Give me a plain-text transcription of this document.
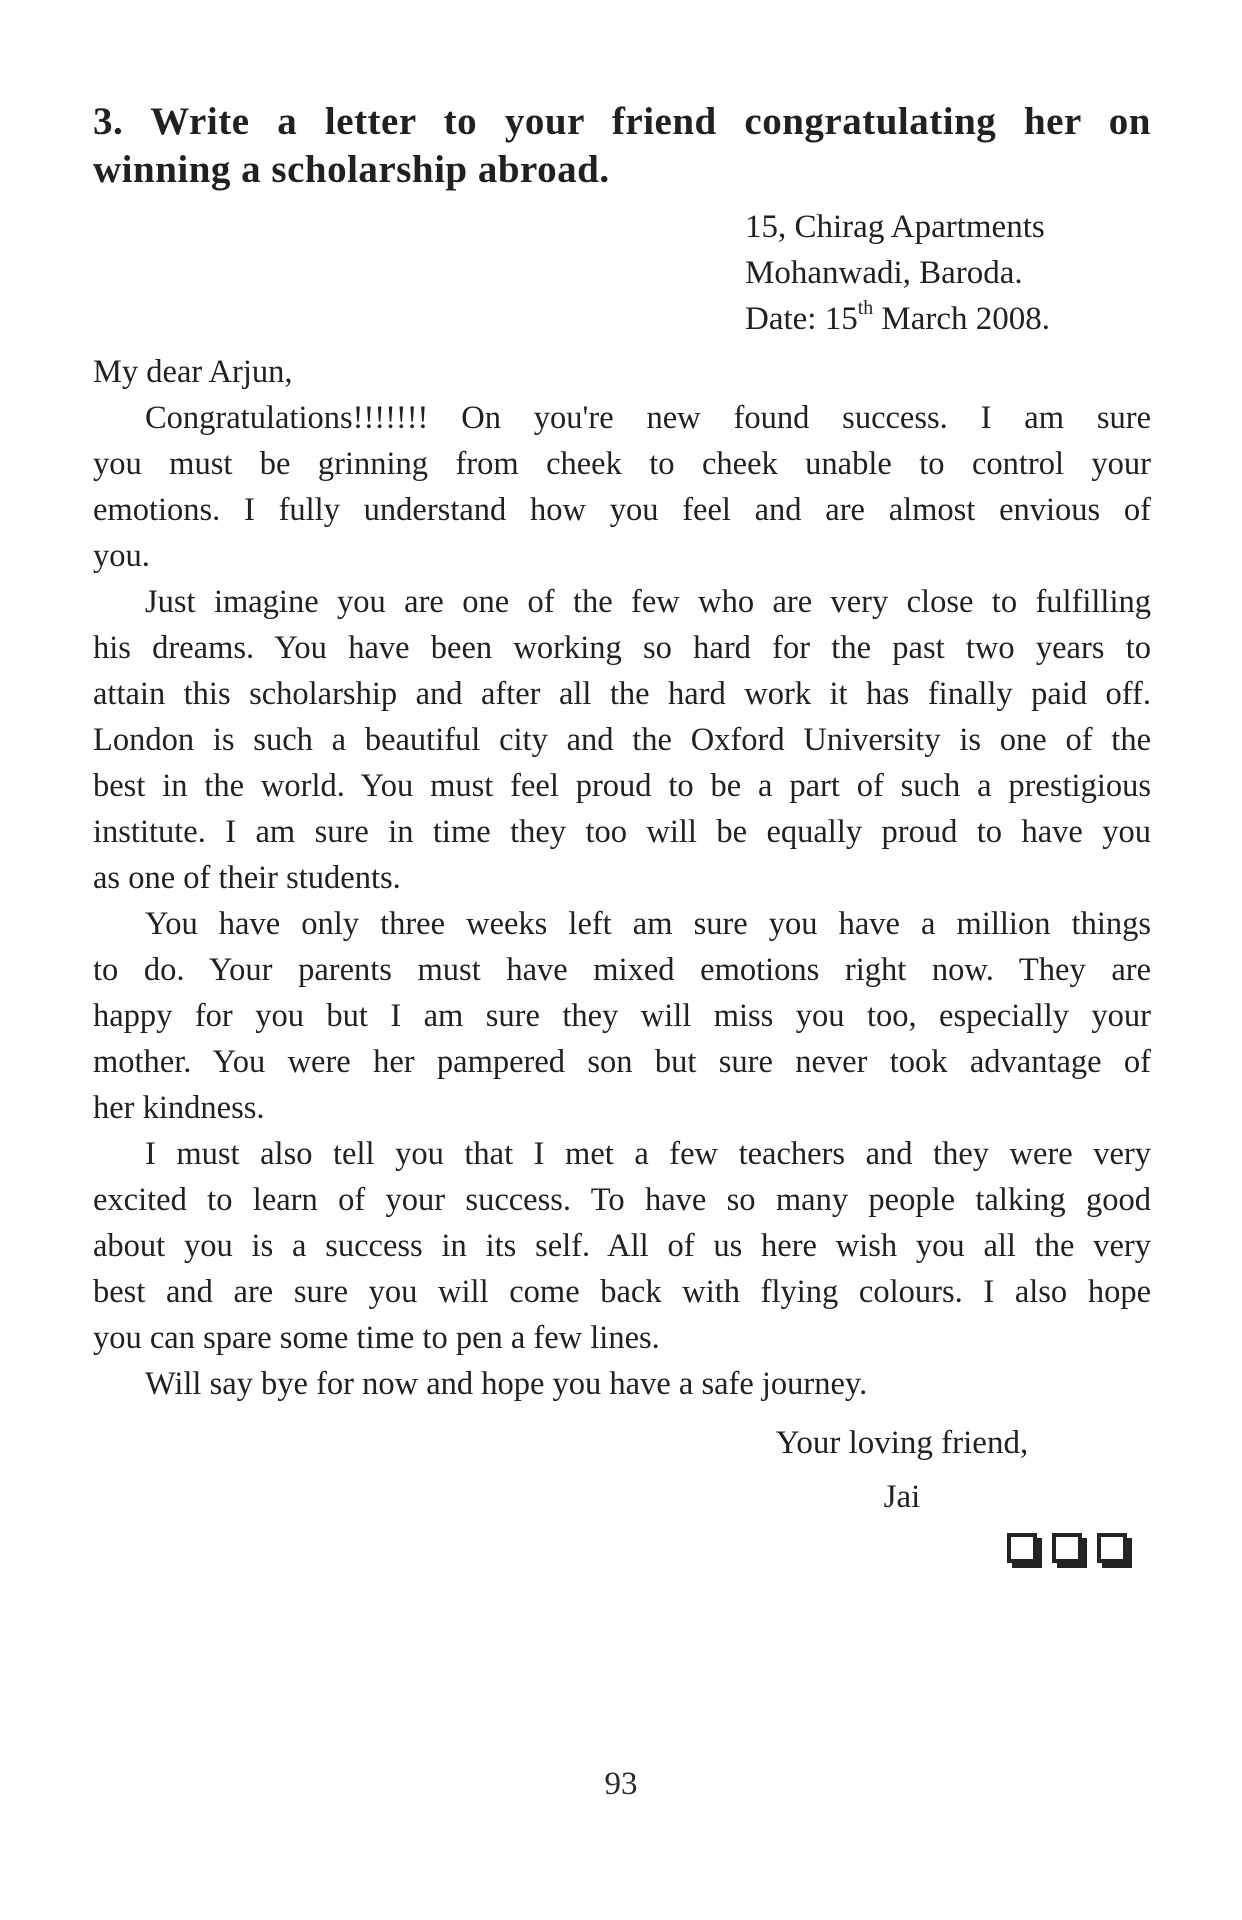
3. Write a letter to your friend congratulating her on
winning a scholarship abroad.
15, Chirag Apartments
Mohanwadi, Baroda.
Date: 15th March 2008.
My dear Arjun,
Congratulations!!!!!!! On you're new found success. I am sure
you must be grinning from cheek to cheek unable to control your
emotions. I fully understand how you feel and are almost envious of
you.
Just imagine you are one of the few who are very close to fulfilling
his dreams. You have been working so hard for the past two years to
attain this scholarship and after all the hard work it has finally paid off.
London is such a beautiful city and the Oxford University is one of the
best in the world. You must feel proud to be a part of such a prestigious
institute. I am sure in time they too will be equally proud to have you
as one of their students.
You have only three weeks left am sure you have a million things
to do. Your parents must have mixed emotions right now. They are
happy for you but I am sure they will miss you too, especially your
mother. You were her pampered son but sure never took advantage of
her kindness.
I must also tell you that I met a few teachers and they were very
excited to learn of your success. To have so many people talking good
about you is a success in its self. All of us here wish you all the very
best and are sure you will come back with flying colours. I also hope
you can spare some time to pen a few lines.
Will say bye for now and hope you have a safe journey.
Your loving friend,
Jai
93
